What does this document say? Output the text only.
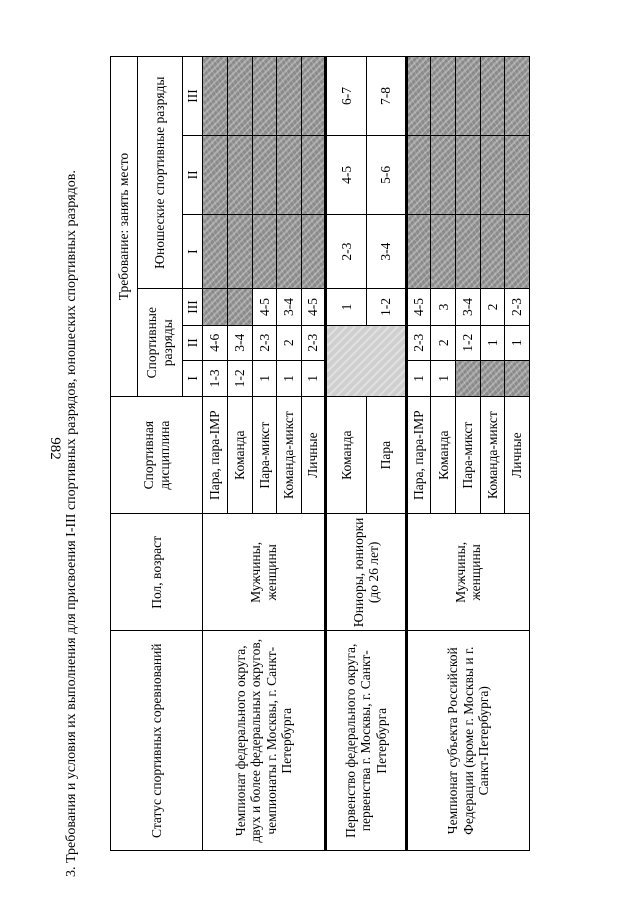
982 3. Требования и условия их выполнения для присвоения I-III спортивных разрядов, юношеских спортивных разрядов.	Статус спортивных соревнований	Пол, возраст	Спортивная дисциплина	Требование: занять место					
			Спортивные разряды			Юношеские спортивные разряды		
			I	II	III	I	II	III
Чемпионат федерального округа, двух и более федеральных округов, чемпионаты г. Москвы, г. Санкт-Петербурга	Мужчины, женщины	Пара, пара-IMP	1-3	4-6				
		Команда	1-2	3-4				
		Пара-микст	1	2-3	4-5			
		Команда-микст	1	2	3-4			
		Личные	1	2-3	4-5			
Первенство федерального округа, первенства г. Москвы, г. Санкт-Петербурга	Юниоры, юниорки (до 26 лет)	Команда			1	2-3	4-5	6-7
		Пара			1-2	3-4	5-6	7-8
Чемпионат субъекта Российской Федерации (кроме г. Москвы и г. Санкт-Петербурга)	Мужчины, женщины	Пара, пара-IMP	1	2-3	4-5			
		Команда	1	2	3			
		Пара-микст		1-2	3-4			
		Команда-микст		1	2			
		Личные		1	2-3			
